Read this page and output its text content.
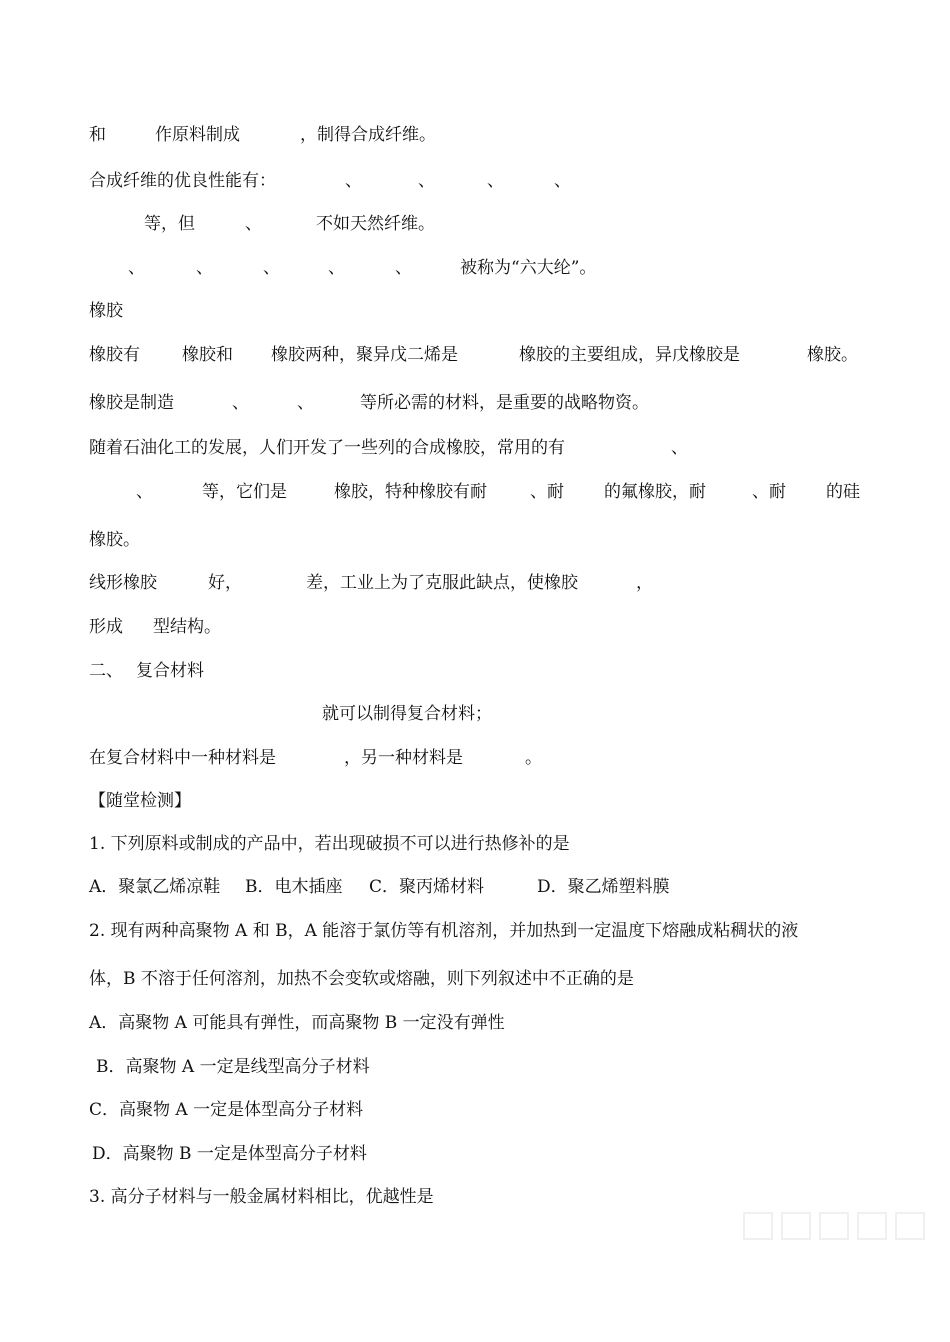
和	作原料制成	，制得合成纤维。
合成纤维的优良性能有：	、	、	、	、
等，但	、	不如天然纤维。
、	、	、	、	、	被称为“六大纶”。
橡胶
橡胶有 橡胶和 橡胶两种，聚异戊二烯是	橡胶的主要组成，异戊橡胶是	橡胶。
橡胶是制造	、	、	等所必需的材料，是重要的战略物资。
随着石油化工的发展，人们开发了一些列的合成橡胶，常用的有	、
、	等，它们是	橡胶，特种橡胶有耐	、耐 的氟橡胶，耐	、耐 的硅
橡胶。
线形橡胶	好，	差，工业上为了克服此缺点，使橡胶	，
形成 型结构。
二、 复合材料
就可以制得复合材料；
在复合材料中一种材料是	，另一种材料是	。
【随堂检测】
1. 下列原料或制成的产品中，若出现破损不可以进行热修补的是
A．聚氯乙烯凉鞋 B．电木插座 C．聚丙烯材料	D．聚乙烯塑料膜
2. 现有两种高聚物 A 和 B，A 能溶于氯仿等有机溶剂，并加热到一定温度下熔融成粘稠状的液
体，B 不溶于任何溶剂，加热不会变软或熔融，则下列叙述中不正确的是
A．高聚物 A 可能具有弹性，而高聚物 B 一定没有弹性
B．高聚物 A 一定是线型高分子材料
C．高聚物 A 一定是体型高分子材料
D．高聚物 B 一定是体型高分子材料
3. 高分子材料与一般金属材料相比，优越性是
